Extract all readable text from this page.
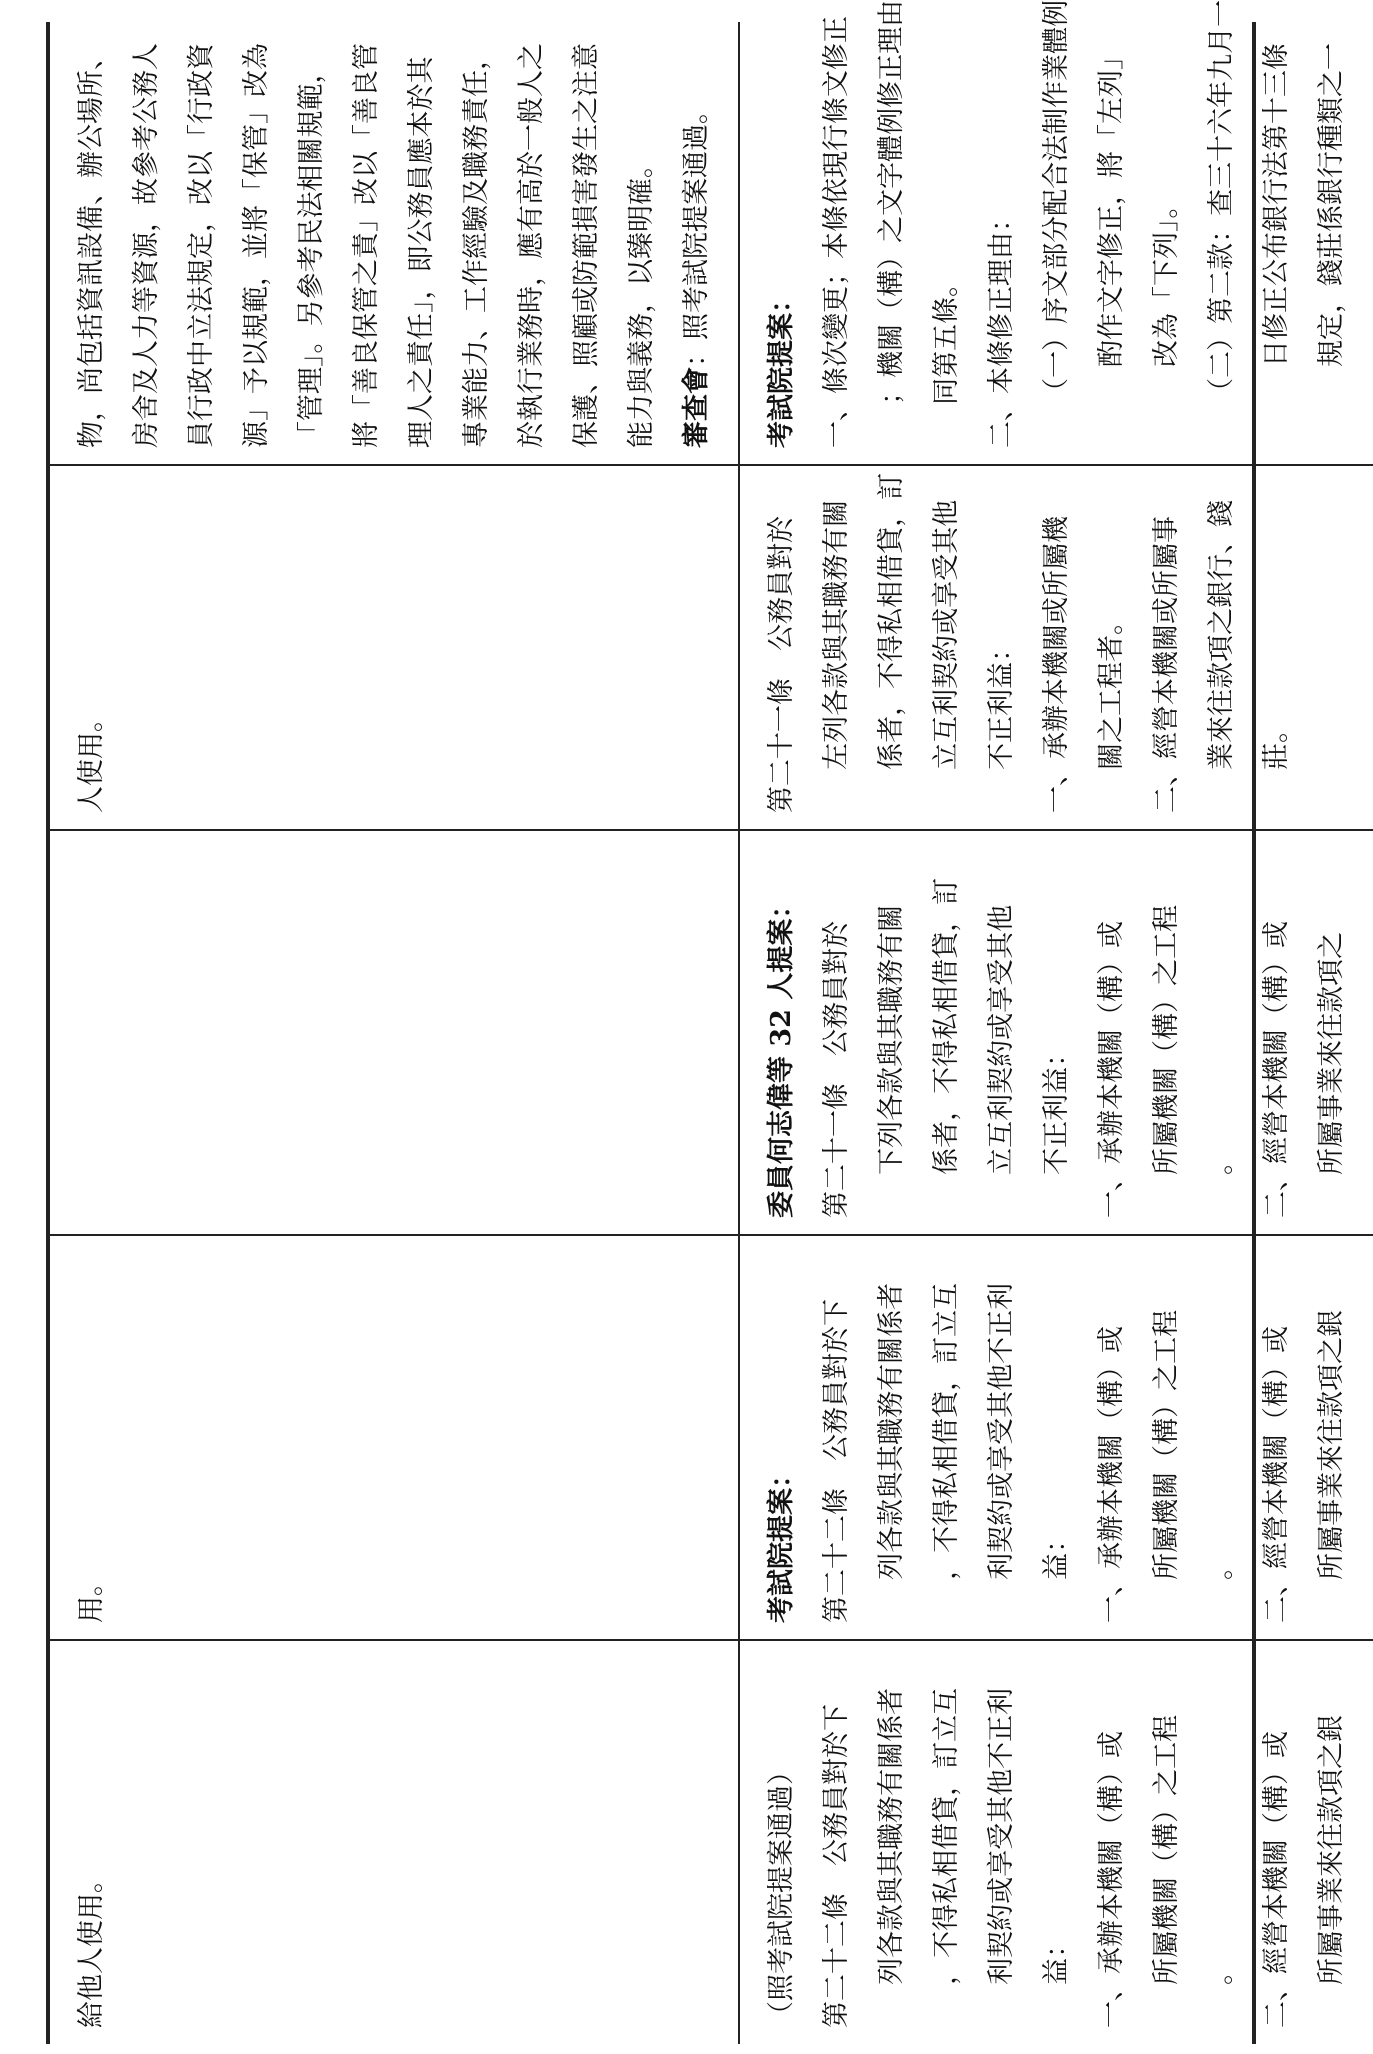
給他人使用。
用。
人使用。
物，尚包括資訊設備、辦公場所、 房舍及人力等資源，故參考公務人 員行政中立法規定，改以「行政資 源」予以規範，並將「保管」改為 「管理」。另參考民法相關規範， 將「善良保管之責」改以「善良管 理人之責任」，即公務員應本於其 專業能力、工作經驗及職務責任， 於執行業務時，應有高於一般人之 保護、照顧或防範損害發生之注意 能力與義務，以臻明確。 審查會：照考試院提案通過。
（照考試院提案通過） 第二十二條　公務員對於下 列各款與其職務有關係者 ，不得私相借貸，訂立互 利契約或享受其他不正利 益： 一、承辦本機關（構）或 所屬機關（構）之工程 。 二、經營本機關（構）或 所屬事業來往款項之銀
考試院提案： 第二十二條　公務員對於下 列各款與其職務有關係者 ，不得私相借貸，訂立互 利契約或享受其他不正利 益： 一、承辦本機關（構）或 所屬機關（構）之工程 。 二、經營本機關（構）或 所屬事業來往款項之銀
委員何志偉等 32 人提案： 第二十一條　公務員對於 下列各款與其職務有關 係者，不得私相借貸，訂 立互利契約或享受其他 不正利益： 一、承辦本機關（構）或 所屬機關（構）之工程 。 二、經營本機關（構）或 所屬事業來往款項之
第二十一條　公務員對於 左列各款與其職務有關 係者，不得私相借貸，訂 立互利契約或享受其他 不正利益： 一、承辦本機關或所屬機 關之工程者。 二、經營本機關或所屬事 業來往款項之銀行、錢 莊。
考試院提案： 一、條次變更；本條依現行條文修正 ；機關（構）之文字體例修正理由 同第五條。 二、本條修正理由： （一）序文部分配合法制作業體例 酌作文字修正，將「左列」 改為「下列」。 （二）第二款：查三十六年九月一 日修正公布銀行法第十三條 規定，錢莊係銀行種類之一
